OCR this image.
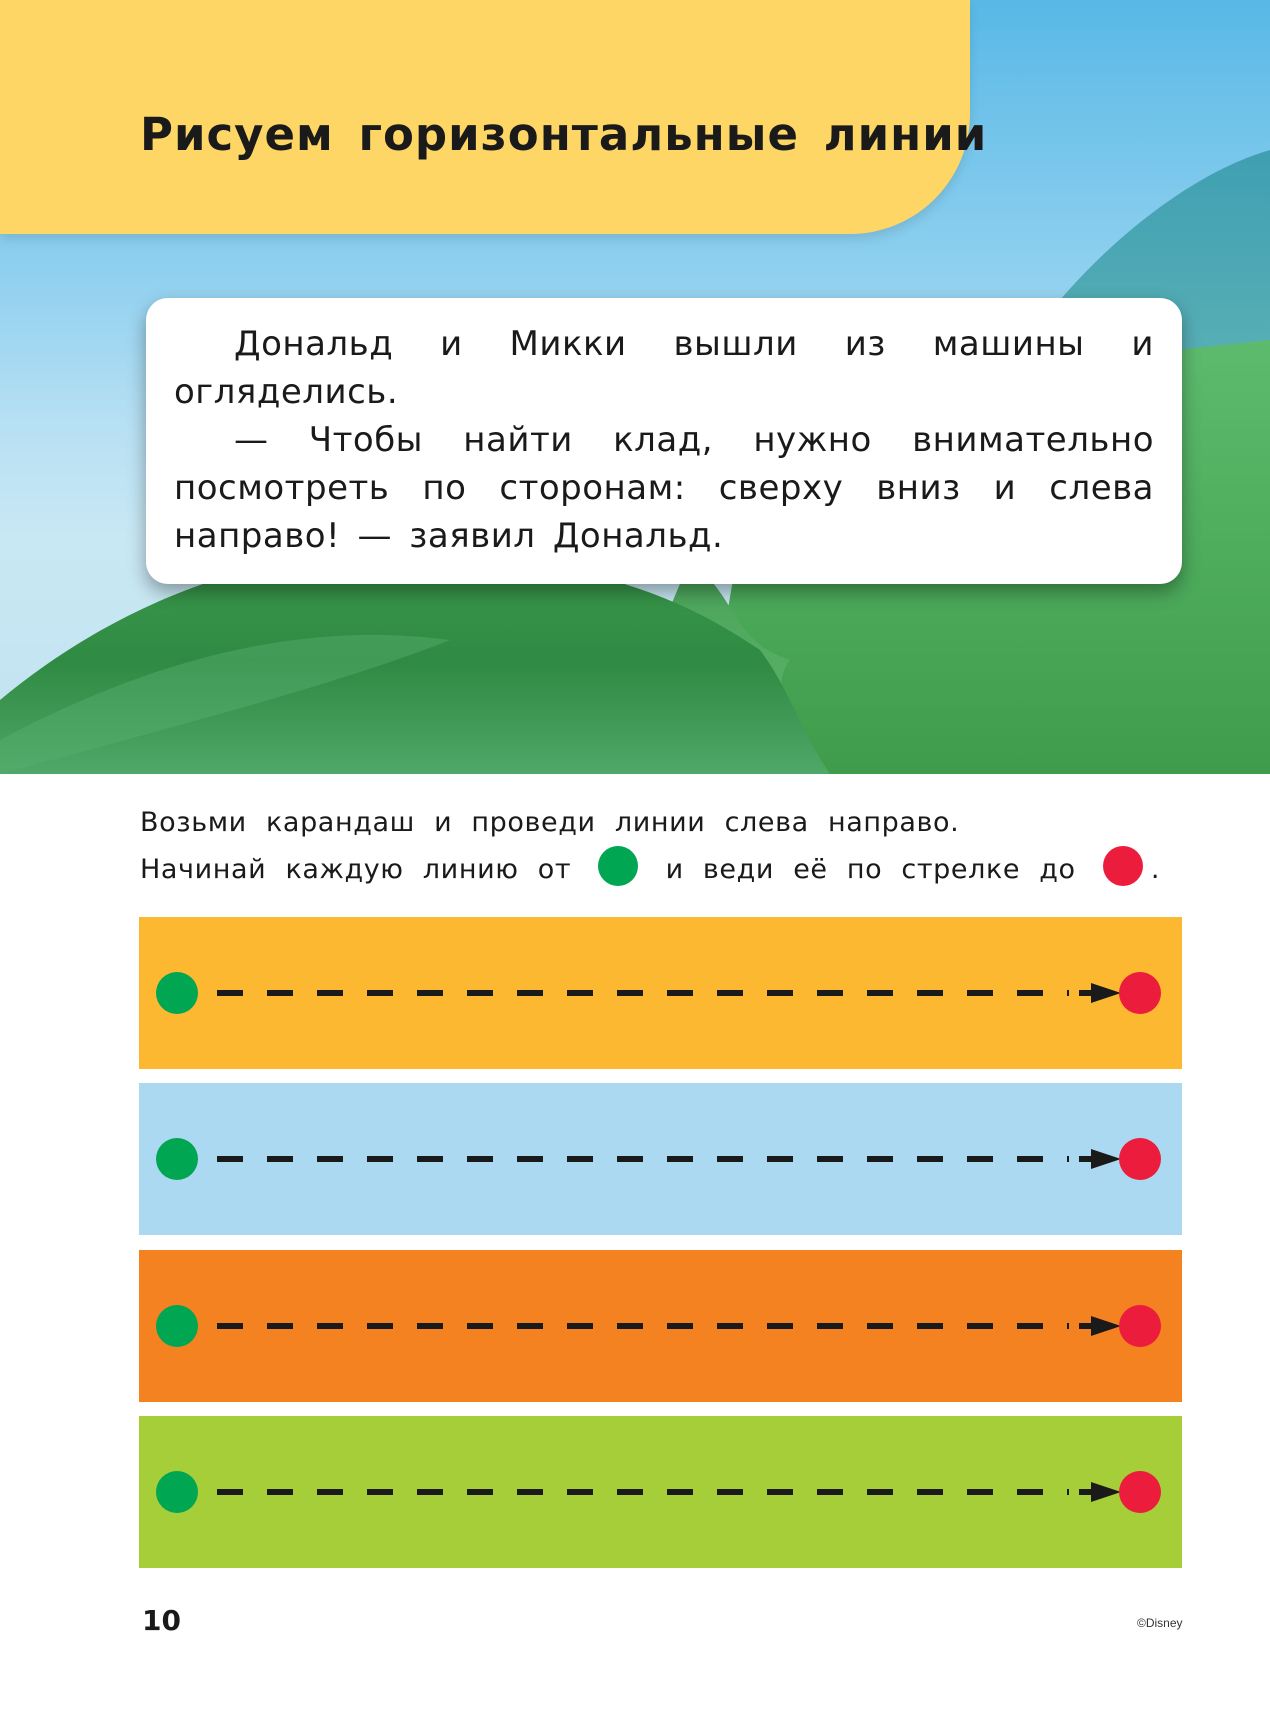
Рисуем горизонтальные линии

Дональд и Микки вышли из машины и огляделись.

— Чтобы найти клад, нужно внимательно посмотреть по сторонам: сверху вниз и слева направо! — заявил Дональд.

Возьми карандаш и проведи линии слева направо.
Начинай каждую линию от	и веди её по стрелке до	.
10	©Disney
